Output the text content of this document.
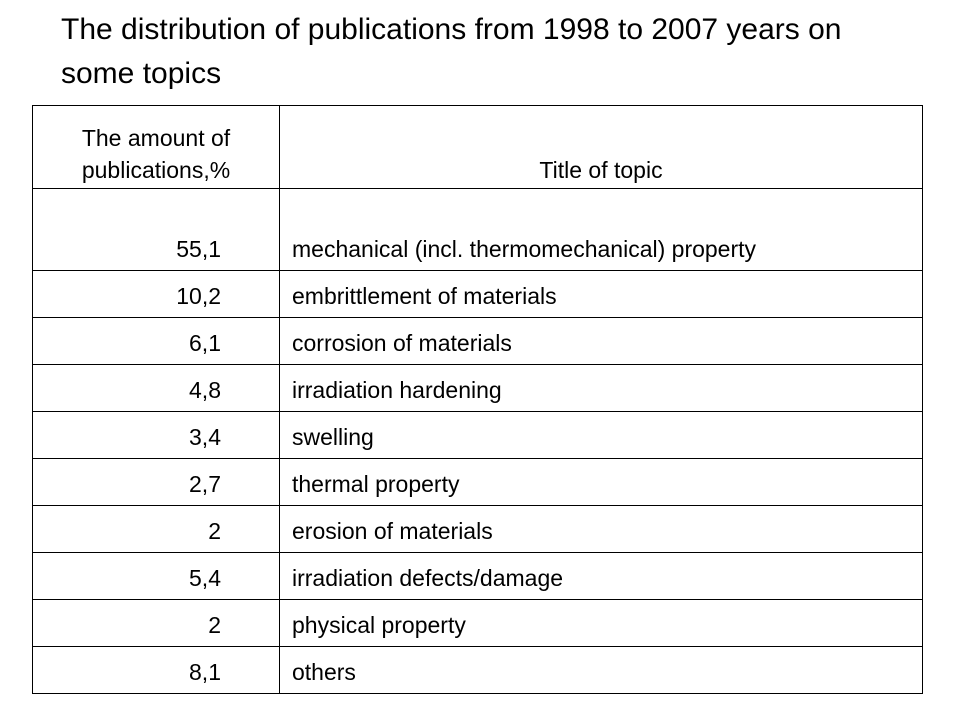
The distribution of publications from 1998 to 2007 years on some topics
The amount of
publications,%	Title of topic
55,1	mechanical (incl. thermomechanical) property
10,2	embrittlement of materials
6,1	corrosion of materials
4,8	irradiation hardening
3,4	swelling
2,7	thermal property
2	erosion of materials
5,4	irradiation defects/damage
2	physical property
8,1	others
